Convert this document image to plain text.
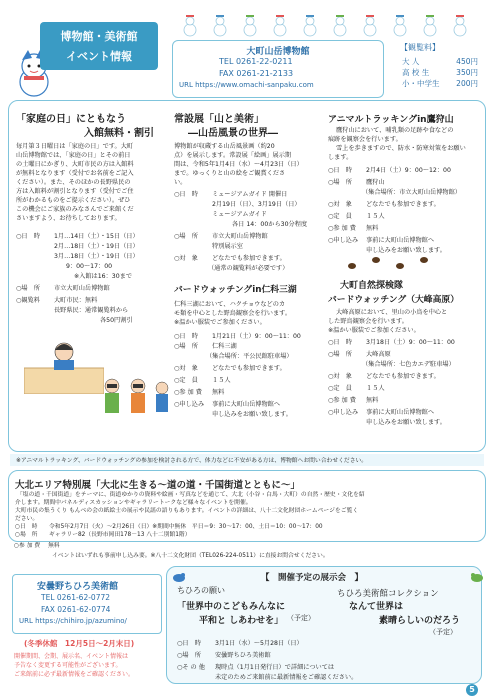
博物館・美術館
イベント情報	大町山岳博物館
TEL 0261-22-0211
FAX 0261-21-2133
URL https://www.omachi-sanpaku.com
【観覧料】
大 人	450円
高 校 生	350円
小・中学生 200円
「家庭の日」にともなう
入館無料・割引
毎月第３日曜日は「家庭の日」です。大町
山岳博物館では、「家庭の日」とその前日
の土曜日にかぎり、大町市民の方は入館料
が無料となります（受付でお名前をご記入
ください）。また、そのほかの長野県民の
方は入館料が割引となります（受付でご住
所がわかるものをご提示ください）。ぜひ
この機会にご家族のみなさんでご来館くだ
さいますよう、お待ちしております。
○日　時 1月…14日（土）・15日（日）
2月…18日（土）・19日（日）
3月…18日（土）・19日（日）
9：00～17：00
※入館は16：30まで
○場　所 市立大町山岳博物館
○観覧料 大町市民：無料
長野県民：通常観覧料から
各50円割引
常設展「山と美術」
―山岳風景の世界―
博物館が収蔵する山岳風景画（約20
点）を展示します。常設展「絵画」展示期
間は、令和5年1月4日（水）～4月23日（日）
まで。ゆっくりと山の絵をご観賞くださ
い。
○日　時 ミュージアムガイド 開催日
2月19日（日）、3月19日（日）
ミュージアムガイド
各日 14：00から30分程度
○場　所 市立大町山岳博物館
特別展示室
○対　象 どなたでも参加できます。
（通常の観覧料が必要です）
バードウォッチングin仁科三湖
仁科三湖において、ハクチョウなどのカ
モ類を中心とした野鳥観察会を行います。
※温かい服装でご参加ください。
○日　時 1月21日（土）9：00～11：00
○場　所 仁科三湖
（集合場所：平公民館駐車場）
○対　象 どなたでも参加できます。
○定　員 １５人
○参 加 費 無料
○申し込み 事前に大町山岳博物館へ
申し込みをお願い致します。
アニマルトラッキングin鷹狩山
鷹狩山において、哺乳類の足跡や食などの
痕跡を観察会を行います。
雪上を歩きますので、防水・防寒対策をお願い
します。
○日　時 2月4日（土）9：00～12：00
○場　所 鷹狩山
（集合場所：市立大町山岳博物館）
○対　象 どなたでも参加できます。
○定　員 １５人
○参 加 費 無料
○申し込み 事前に大町山岳博物館へ
申し込みをお願い致します。
大町自然探検隊
バードウォッチング（大峰高原）
大峰高原において、里山の小鳥を中心と
した野鳥観察会を行います。
※温かい服装でご参加ください。
○日　時 3月18日（土）9：00～11：00
○場　所 大峰高原
（集合場所：七色カエデ駐車場）
○対　象 どなたでも参加できます。
○定　員 １５人
○参 加 費 無料
○申し込み 事前に大町山岳博物館へ
申し込みをお願い致します。
※アニマルトラッキング、バードウォッチングの参加を検討される方で、体力などに不安がある方は、博物館へお問い合わせください。
大北エリア特別展「大北に生きる～道の道・千国街道とともに～」
「塩の道・千国街道」をテーマに、街道ゆかりの資料や絵画・写真などを通じて、大北（小谷・白馬・大町）の自然・歴史・文化を紹
介します。期間中パネルディスカッションやギャラリートークなど様々なイベントを開催。
大町市民の集うくり もんべの会の紙絵士の展示や民謡の語りもあります。イベントの詳細は、八十二文化財団ホームページをご覧く
ださい。
○日　時 令和5年2月7日（火）～2月26日（日）※期間中無休　平日＝9：30～17：00、土日＝10：00～17：00
○場　所 ギャラリー82（長野市岡田178－13 八十二別館1階）
○参 加 費 無料
イベントはいずれも事前申し込み要。※八十二文化財団（TEL026-224-0511）に直接お問合せください。
安曇野ちひろ美術館
TEL 0261-62-0772
FAX 0261-62-0774
URL https://chihiro.jp/azumino/
(冬季休館　12月5日～2月末日)
開催期間、会期、展示名、イベント情報は
予告なく変更する可能性がございます。
ご来館前に必ず最新情報をご確認ください。
【　開催予定の展示会　】
ちひろの願い
「世界中のこどもみんなに
平和と しあわせを」 （予定）
ちひろ美術館コレクション
なんて世界は
素晴らしいのだろう
（予定）
○日　時 3月1日（水）～5月28日（日）
○場　所 安曇野ちひろ美術館
○そ の 他 現時点（1月1日発行日）で詳細については
未定のためご来館前に最新情報をご確認ください。
5
